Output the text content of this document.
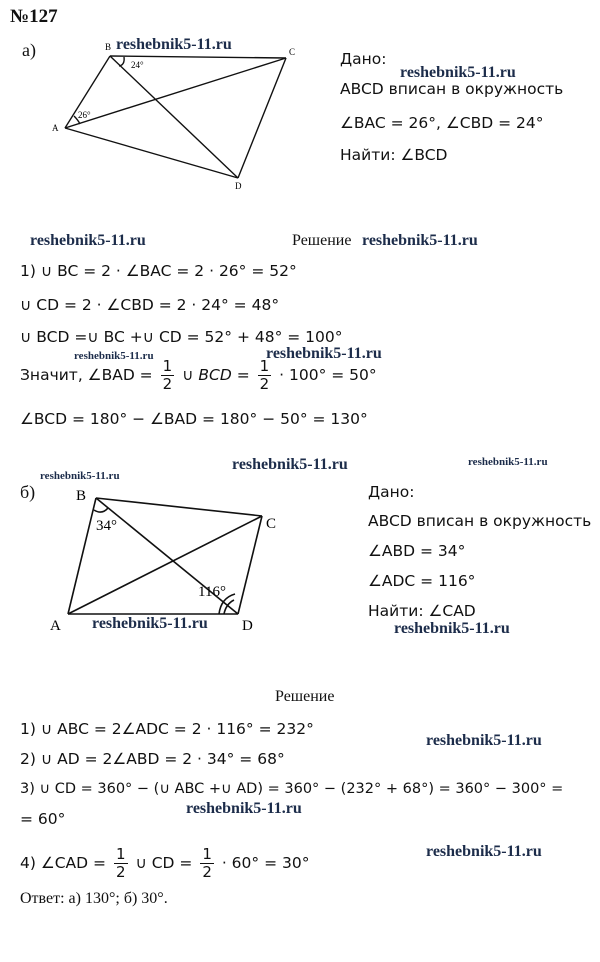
№127
а)	B	C
A
D
24°
26°
reshebnik5-11.ru
Дано:
reshebnik5-11.ru
ABCD вписан в окружность
∠BAC = 26°, ∠CBD = 24°
Найти: ∠BCD
reshebnik5-11.ru	Решение reshebnik5-11.ru
1) ∪ BC = 2 · ∠BAC = 2 · 26° = 52°
∪ CD = 2 · ∠CBD = 2 · 24° = 48°
∪ BCD =∪ BC +∪ CD = 52° + 48° = 100°
reshebnik5-11.ru	reshebnik5-11.ru
Значит, ∠BAD = $\frac{1}{2}$ ∪ BCD = $\frac{1}{2} \cdot 100^\circ = 50^\circ$
∠BCD = 180° − ∠BAD = 180° − 50° = 130°
reshebnik5-11.ru
reshebnik5-11.ru	reshebnik5-11.ru
б)	B
C
A	D
34°
116°
reshebnik5-11.ru
Дано:
ABCD вписан в окружность
∠ABD = 34°
∠ADC = 116°
Найти: ∠CAD
reshebnik5-11.ru
Решение
1) ∪ ABC = 2∠ADC = 2 · 116° = 232°
reshebnik5-11.ru
2) ∪ AD = 2∠ABD = 2 · 34° = 68°
3) ∪ CD = 360° − (∪ ABC +∪ AD) = 360° − (232° + 68°) = 360° − 300° =
reshebnik5-11.ru
= 60°
4) ∠CAD = $\frac{1}{2}$ ∪ CD = $\frac{1}{2} \cdot 60^\circ = 30^\circ$
reshebnik5-11.ru
Ответ: а) 130°; б) 30°.
